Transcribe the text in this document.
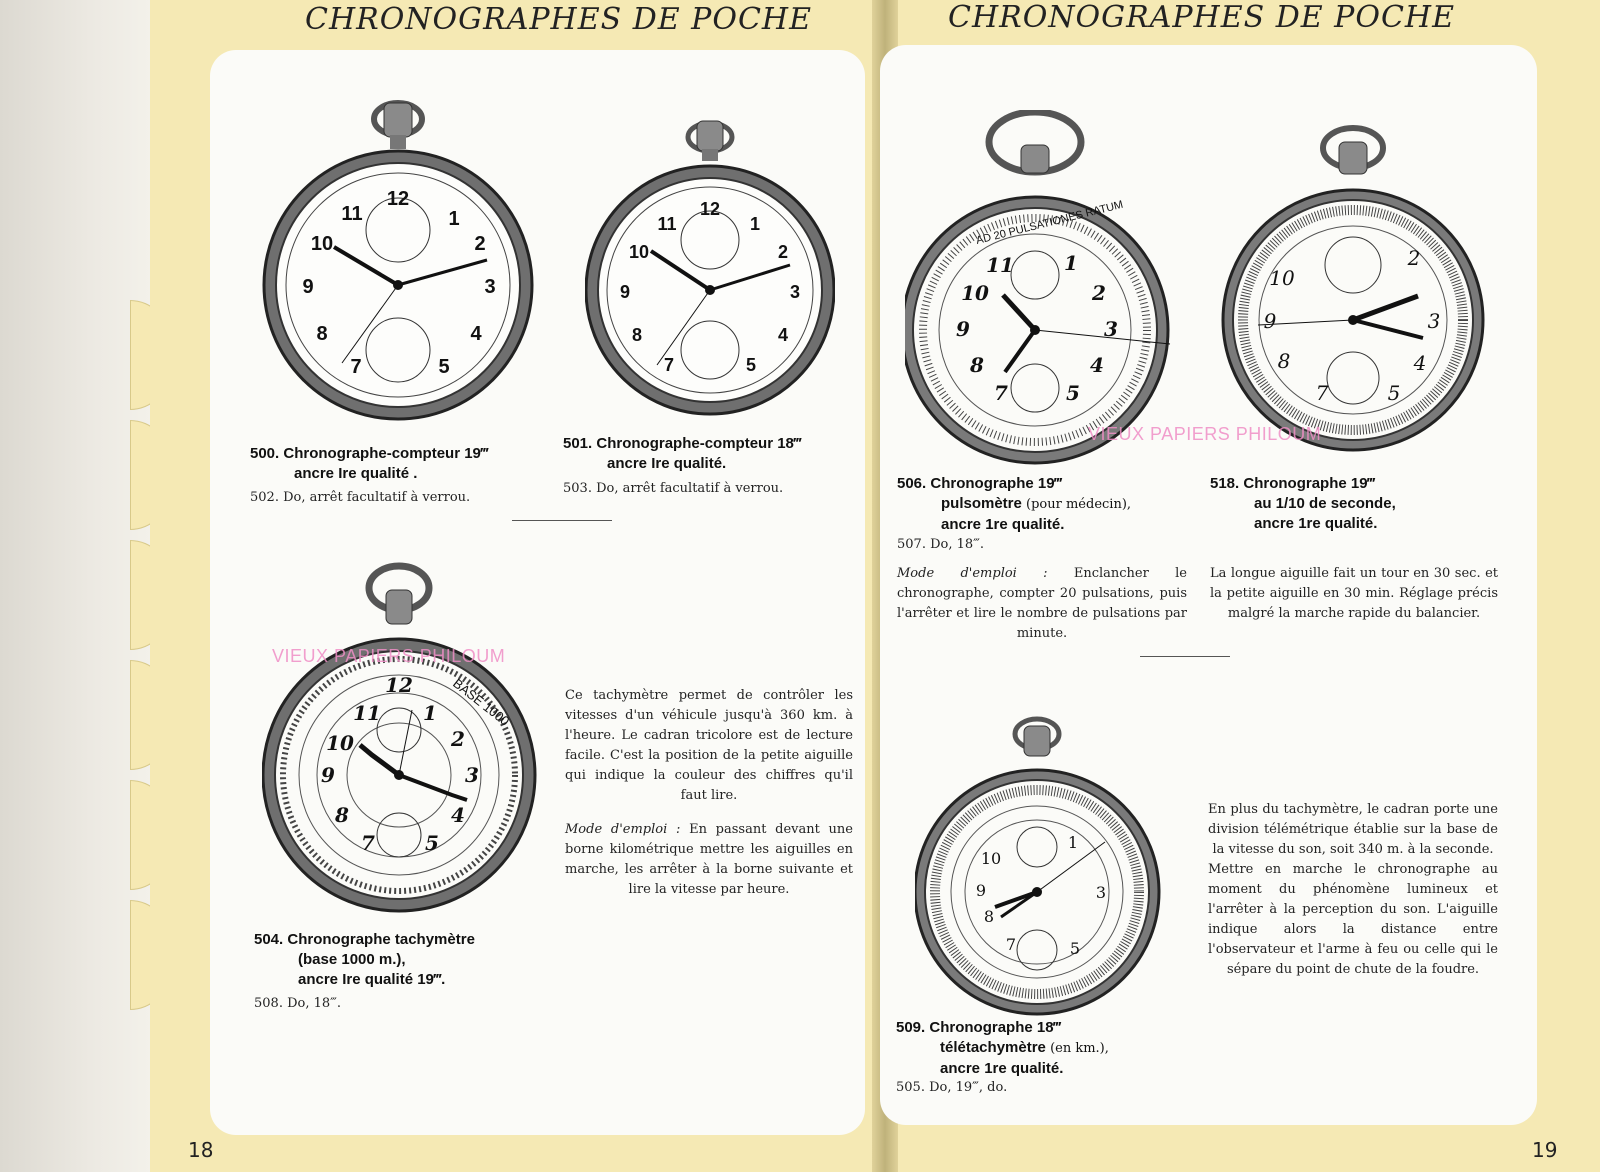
CHRONOGRAPHES DE POCHE
18
CHRONOGRAPHES DE POCHE
19
12
1
2
3
4
5
7
8
9
10
11
500. Chronographe-compteur 19‴
ancre Ire qualité .
502. Do, arrêt facultatif à verrou.
12
1
2
3
4
5
7
8
9
10
11
501. Chronographe-compteur 18‴
ancre Ire qualité.
503. Do, arrêt facultatif à verrou.
BASE 1000
12
1
2
3
4
5
7
8
9
10
11
VIEUX PAPIERS PHILOUM
504. Chronographe tachymètre
(base 1000 m.),
ancre Ire qualité 19‴.
508. Do, 18‴.

Ce tachymètre permet de contrôler les vitesses d'un véhicule jusqu'à 360 km. à l'heure. Le cadran tricolore est de lecture facile. C'est la position de la petite aiguille qui indique la couleur des chiffres qu'il faut lire.

Mode d'emploi : En passant devant une borne kilométrique mettre les aiguilles en marche, les arrêter à la borne suivante et lire la vitesse par heure.

AD 20 PULSATIONES RATUM
11	1
2
3
4
5
7
8
9
10
506. Chronographe 19‴
pulsomètre (pour médecin),
ancre 1re qualité.
507. Do, 18‴.

Mode d'emploi : Enclancher le chronographe, compter 20 pulsations, puis l'arrêter et lire le nombre de pulsations par minute.

2
3
4
5
7
8
9
10
VIEUX PAPIERS PHILOUM
518. Chronographe 19‴
au 1/10 de seconde,
ancre 1re qualité.

La longue aiguille fait un tour en 30 sec. et la petite aiguille en 30 min. Réglage précis malgré la marche rapide du balancier.

1
3
5
7
8
9
10
509. Chronographe 18‴
télétachymètre (en km.),
ancre 1re qualité.
505. Do, 19‴, do.

En plus du tachymètre, le cadran porte une division télémétrique établie sur la base de la vitesse du son, soit 340 m. à la seconde.

Mettre en marche le chronographe au moment du phénomène lumineux et l'arrêter à la perception du son. L'aiguille indique alors la distance entre l'observateur et l'arme à feu ou celle qui le sépare du point de chute de la foudre.
